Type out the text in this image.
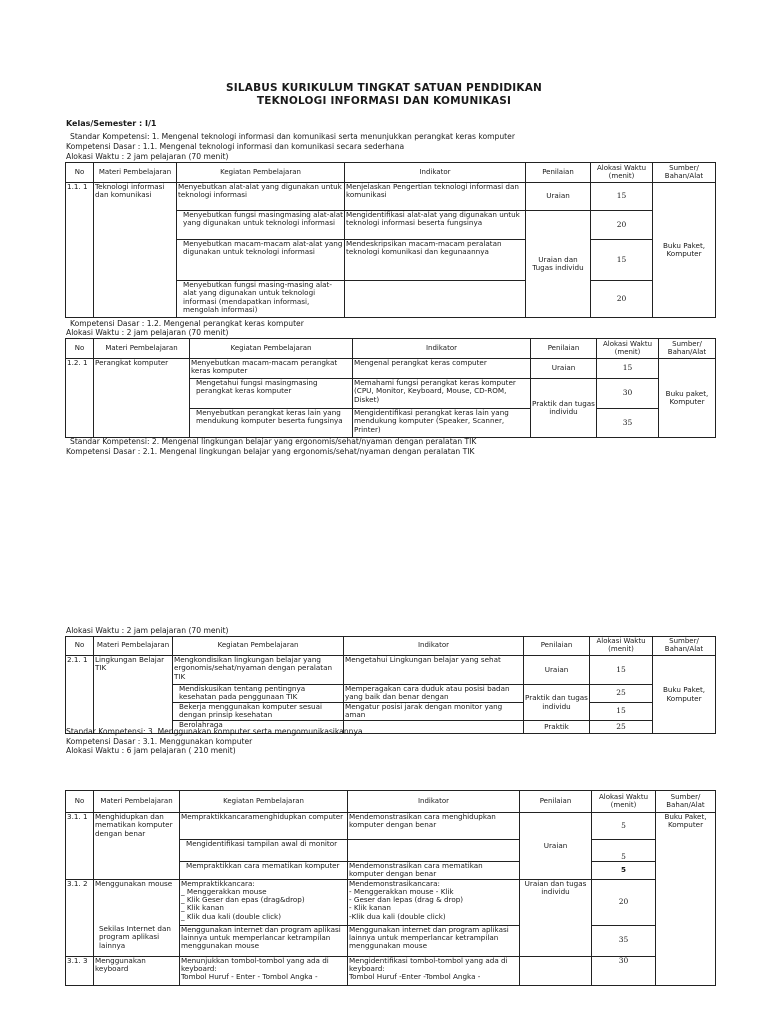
SILABUS KURIKULUM TINGKAT SATUAN PENDIDIKAN
TEKNOLOGI INFORMASI DAN KOMUNIKASI
Kelas/Semester : I/1
Standar Kompetensi: 1. Mengenal teknologi informasi dan komunikasi serta menunjukkan perangkat keras komputer
Kompetensi Dasar : 1.1. Mengenal teknologi informasi dan komunikasi secara sederhana
Alokasi Waktu : 2 jam pelajaran (70 menit)
No	Materi Pembelajaran	Kegiatan Pembelajaran	Indikator	Penilaian	Alokasi Waktu (menit)	Sumber/ Bahan/Alat
1.1. 1	Teknologi informasi dan komunikasi	Menyebutkan alat-alat yang digunakan untuk teknologi informasi	Menjelaskan Pengertian teknologi informasi dan komunikasi	Uraian	15	Buku Paket, Komputer
		Menyebutkan fungsi masingmasing alat-alat yang digunakan untuk teknologi informasi	Mengidentifikasi alat-alat yang digunakan untuk teknologi informasi beserta fungsinya	Uraian dan Tugas individu	20	
		Menyebutkan macam-macam alat-alat yang digunakan untuk teknologi informasi	Mendeskripsikan macam-macam peralatan teknologi komunikasi dan kegunaannya		15	
		Menyebutkan fungsi masing-masing alat-alat yang digunakan untuk teknologi informasi (mendapatkan informasi, mengolah informasi)			20	
Kompetensi Dasar : 1.2. Mengenal perangkat keras komputer
Alokasi Waktu : 2 jam pelajaran (70 menit)
No	Materi Pembelajaran	Kegiatan Pembelajaran	Indikator	Penilaian	Alokasi Waktu (menit)	Sumber/ Bahan/Alat
1.2. 1	Perangkat komputer	Menyebutkan macam-macam perangkat keras komputer	Mengenal perangkat keras computer	Uraian	15	Buku paket, Komputer
		Mengetahui fungsi masingmasing perangkat keras komputer	Memahami fungsi perangkat keras komputer (CPU, Monitor, Keyboard, Mouse, CD-ROM, Disket)	Praktik dan tugas individu	30	
		Menyebutkan perangkat keras lain yang mendukung komputer beserta fungsinya	Mengidentifikasi perangkat keras lain yang mendukung komputer (Speaker, Scanner, Printer)		35	
Standar Kompetensi: 2. Mengenal lingkungan belajar yang ergonomis/sehat/nyaman dengan peralatan TIK
Kompetensi Dasar : 2.1. Mengenal lingkungan belajar yang ergonomis/sehat/nyaman dengan peralatan TIK
Alokasi Waktu : 2 jam pelajaran (70 menit)
No	Materi Pembelajaran	Kegiatan Pembelajaran	Indikator	Penilaian	Alokasi Waktu (menit)	Sumber/ Bahan/Alat
2.1. 1	Lingkungan Belajar TIK	Mengkondisikan lingkungan belajar yang ergonomis/sehat/nyaman dengan peralatan TIK	Mengetahui Lingkungan belajar yang sehat	Uraian	15	Buku Paket, Komputer
		Mendiskusikan tentang pentingnya kesehatan pada penggunaan TIK	Memperagakan cara duduk atau posisi badan yang baik dan benar dengan	Praktik dan tugas individu	25	
		Bekerja menggunakan komputer sesuai dengan prinsip kesehatan	Mengatur posisi jarak dengan monitor yang aman		15	
		Berolahraga		Praktik	25	
Standar Kompetensi: 3. Menggunakan komputer serta mengomunikasikannya
Kompetensi Dasar : 3.1. Menggunakan komputer
Alokasi Waktu : 6 jam pelajaran ( 210 menit)
No	Materi Pembelajaran	Kegiatan Pembelajaran	Indikator	Penilaian	Alokasi Waktu (menit)	Sumber/ Bahan/Alat
3.1. 1	Menghidupkan dan mematikan komputer dengan benar	Mempraktikkancaramenghidupkan computer	Mendemonstrasikan cara menghidupkan komputer dengan benar	Uraian	5	Buku Paket, Komputer
		Mengidentifikasi tampilan awal di monitor			5	
		Mempraktikkan cara mematikan komputer	Mendemonstrasikan cara mematikan komputer dengan benar		5	
3.1. 2	Menggunakan mouse	Mempraktikkancara:
_ Menggerakkan mouse
_ Klik Geser dan epas (drag&drop)
_ Klik kanan
_ Klik dua kali (double click)	Mendemonstrasikancara:
- Menggerakkan mouse - Klik
- Geser dan lepas (drag & drop)
- Klik kanan
-Klik dua kali (double click)	Uraian dan tugas individu	20	
	Sekilas Internet dan program aplikasi lainnya	Menggunakan internet dan program aplikasi lainnya untuk memperlancar ketrampilan menggunakan mouse	Menggunakan internet dan program aplikasi lainnya untuk memperlancar ketrampilan menggunakan mouse		35	
3.1. 3	Menggunakan keyboard	Menunjukkan tombol-tombol yang ada di keyboard:
Tombol Huruf - Enter - Tombol Angka -	Mengidentifikasi tombol-tombol yang ada di keyboard:
Tombol Huruf -Enter -Tombol Angka -		30	
